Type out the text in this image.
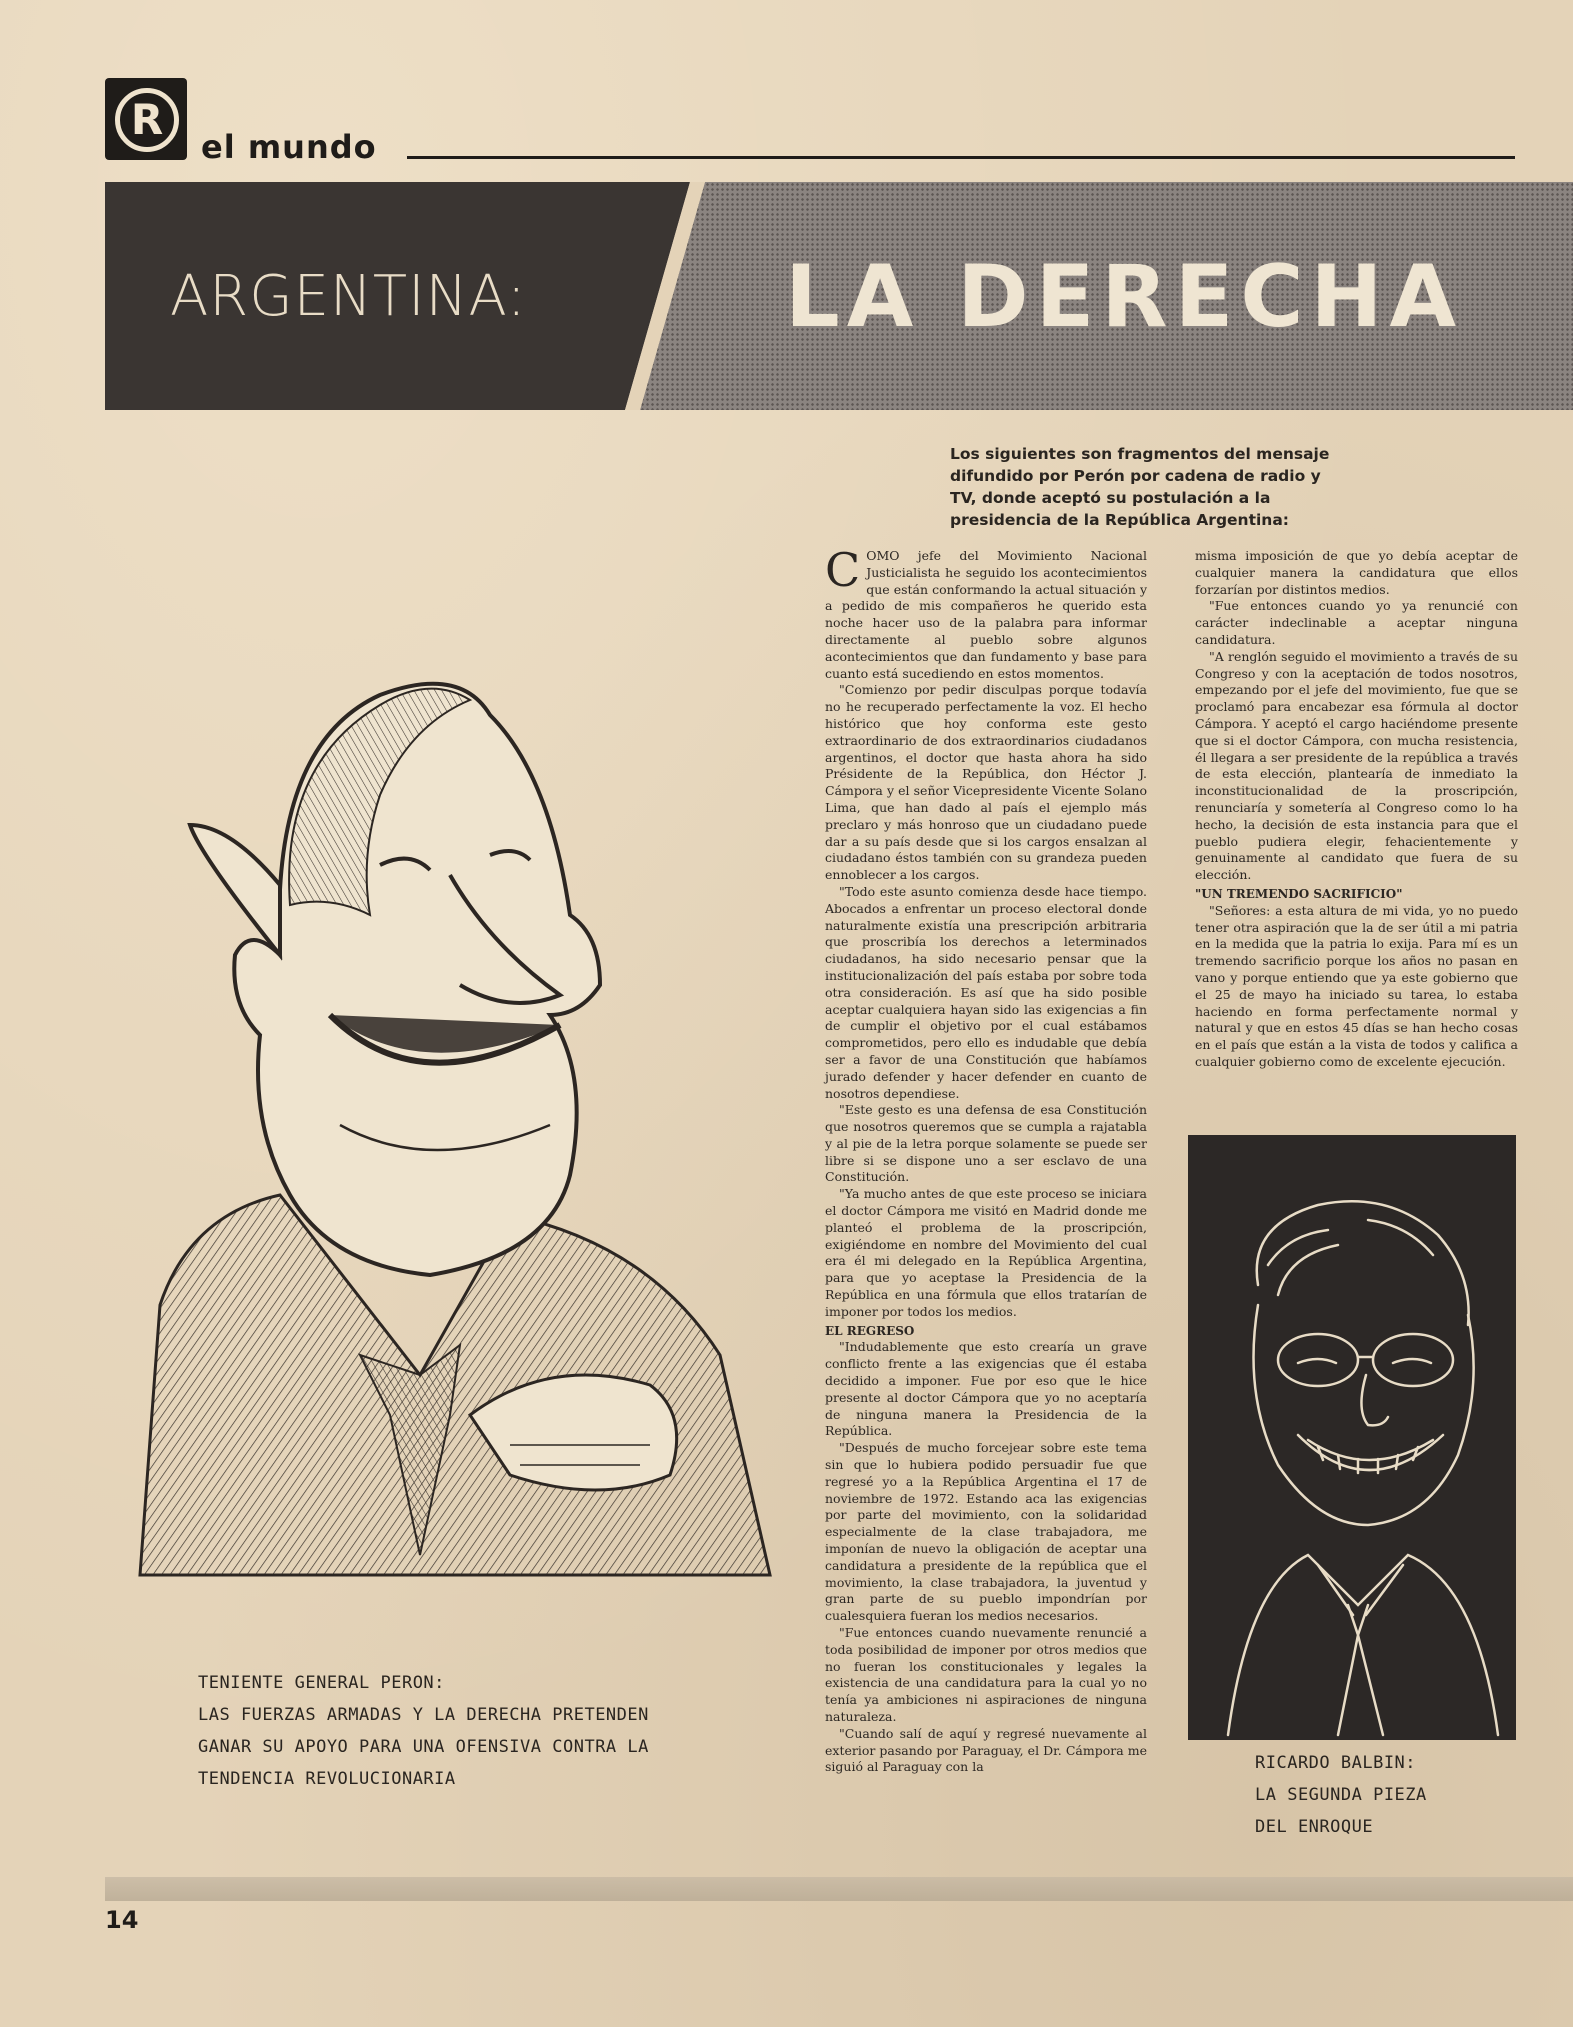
R
el mundo
ARGENTINA:	LA DERECHA
Los siguientes son fragmentos del mensaje difundido por Perón por cadena de radio y TV, donde aceptó su postulación a la presidencia de la República Argentina:

COMO jefe del Movimiento Nacional Justicialista he seguido los acontecimientos que están conformando la actual situación y a pedido de mis compañeros he querido esta noche hacer uso de la palabra para informar directamente al pueblo sobre algunos acontecimientos que dan fundamento y base para cuanto está sucediendo en estos momentos.

"Comienzo por pedir disculpas porque todavía no he recuperado perfectamente la voz. El hecho histórico que hoy conforma este gesto extraordinario de dos extraordinarios ciudadanos argentinos, el doctor que hasta ahora ha sido Présidente de la República, don Héctor J. Cámpora y el señor Vicepresidente Vicente Solano Lima, que han dado al país el ejemplo más preclaro y más honroso que un ciudadano puede dar a su país desde que si los cargos ensalzan al ciudadano éstos también con su grandeza pueden ennoblecer a los cargos.

"Todo este asunto comienza desde hace tiempo. Abocados a enfrentar un proceso electoral donde naturalmente existía una prescripción arbitraria que proscribía los derechos a leterminados ciudadanos, ha sido necesario pensar que la institucionalización del país estaba por sobre toda otra consideración. Es así que ha sido posible aceptar cualquiera hayan sido las exigencias a fin de cumplir el objetivo por el cual estábamos comprometidos, pero ello es indudable que debía ser a favor de una Constitución que habíamos jurado defender y hacer defender en cuanto de nosotros dependiese.

"Este gesto es una defensa de esa Constitución que nosotros queremos que se cumpla a rajatabla y al pie de la letra porque solamente se puede ser libre si se dispone uno a ser esclavo de una Constitución.

"Ya mucho antes de que este proceso se iniciara el doctor Cámpora me visitó en Madrid donde me planteó el problema de la proscripción, exigiéndome en nombre del Movimiento del cual era él mi delegado en la República Argentina, para que yo aceptase la Presidencia de la República en una fórmula que ellos tratarían de imponer por todos los medios.

EL REGRESO

"Indudablemente que esto crearía un grave conflicto frente a las exigencias que él estaba decidido a imponer. Fue por eso que le hice presente al doctor Cámpora que yo no aceptaría de ninguna manera la Presidencia de la República.

"Después de mucho forcejear sobre este tema sin que lo hubiera podido persuadir fue que regresé yo a la República Argentina el 17 de noviembre de 1972. Estando aca las exigencias por parte del movimiento, con la solidaridad especialmente de la clase trabajadora, me imponían de nuevo la obligación de aceptar una candidatura a presidente de la república que el movimiento, la clase trabajadora, la juventud y gran parte de su pueblo impondrían por cualesquiera fueran los medios necesarios.

"Fue entonces cuando nuevamente renuncié a toda posibilidad de imponer por otros medios que no fueran los constitucionales y legales la existencia de una candidatura para la cual yo no tenía ya ambiciones ni aspiraciones de ninguna naturaleza.

"Cuando salí de aquí y regresé nuevamente al exterior pasando por Paraguay, el Dr. Cámpora me siguió al Paraguay con la

misma imposición de que yo debía aceptar de cualquier manera la candidatura que ellos forzarían por distintos medios.

"Fue entonces cuando yo ya renuncié con carácter indeclinable a aceptar ninguna candidatura.

"A renglón seguido el movimiento a través de su Congreso y con la aceptación de todos nosotros, empezando por el jefe del movimiento, fue que se proclamó para encabezar esa fórmula al doctor Cámpora. Y aceptó el cargo haciéndome presente que si el doctor Cámpora, con mucha resistencia, él llegara a ser presidente de la república a través de esta elección, plantearía de inmediato la inconstitucionalidad de la proscripción, renunciaría y sometería al Congreso como lo ha hecho, la decisión de esta instancia para que el pueblo pudiera elegir, fehacientemente y genuinamente al candidato que fuera de su elección.

"UN TREMENDO SACRIFICIO"

"Señores: a esta altura de mi vida, yo no puedo tener otra aspiración que la de ser útil a mi patria en la medida que la patria lo exija. Para mí es un tremendo sacrificio porque los años no pasan en vano y porque entiendo que ya este gobierno que el 25 de mayo ha iniciado su tarea, lo estaba haciendo en forma perfectamente normal y natural y que en estos 45 días se han hecho cosas en el país que están a la vista de todos y califica a cualquier gobierno como de excelente ejecución.

TENIENTE GENERAL PERON:
LAS FUERZAS ARMADAS Y LA DERECHA PRETENDEN
GANAR SU APOYO PARA UNA OFENSIVA CONTRA LA
TENDENCIA REVOLUCIONARIA
RICARDO BALBIN:
LA SEGUNDA PIEZA
DEL ENROQUE
14
